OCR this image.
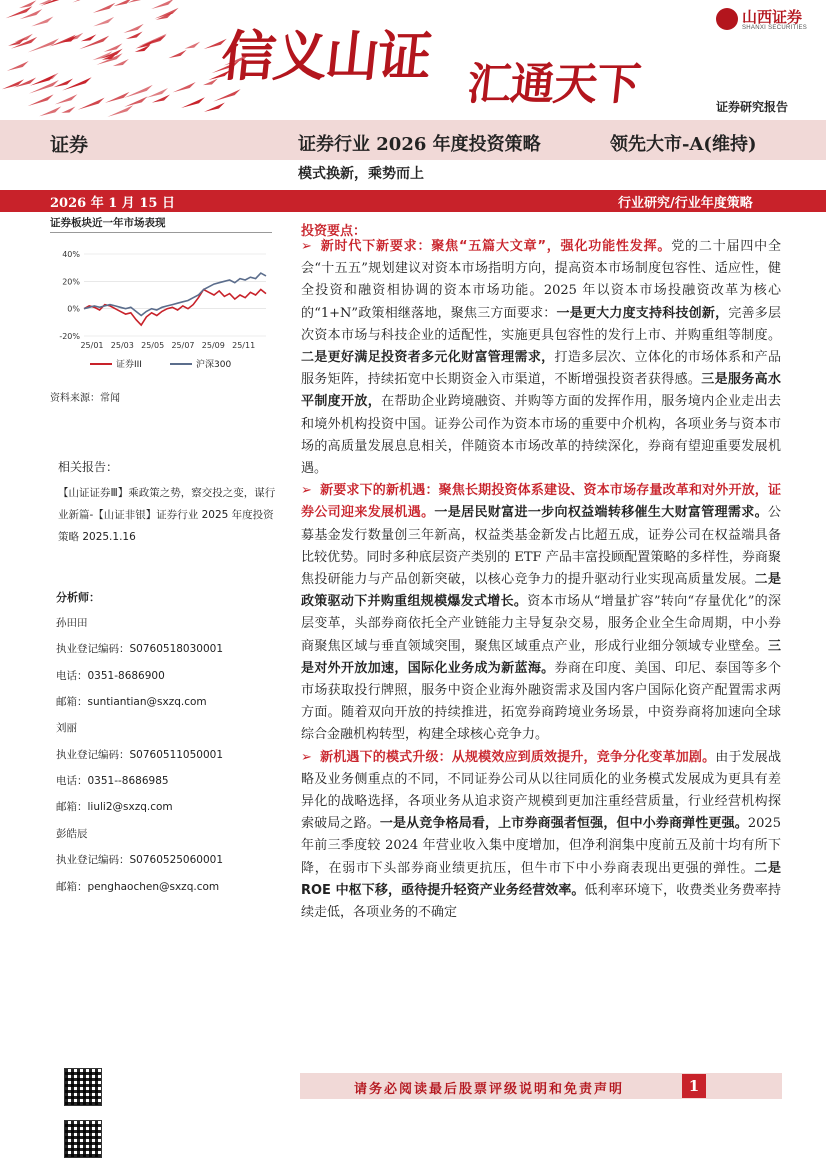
信义山证 汇通天下
山西证券
SHANXI SECURITIES
证券研究报告
证券	证券行业 2026 年度投资策略	领先大市-A(维持)
模式换新，乘势而上
2026 年 1 月 15 日	行业研究/行业年度策略
证券板块近一年市场表现
40%
20%
0%
-20%
25/01 25/03 25/05 25/07 25/09 25/11
证券III	沪深300
资料来源：常闻
相关报告：
【山证证券Ⅲ】乘政策之势，察交投之变，谋行业新篇-【山证非银】证券行业 2025 年度投资策略 2025.1.16
分析师：
孙田田
执业登记编码：S0760518030001
电话：0351-8686900
邮箱：suntiantian@sxzq.com
刘丽
执业登记编码：S0760511050001
电话：0351--8686985
邮箱：liuli2@sxzq.com
彭皓辰
执业登记编码：S0760525060001
邮箱：penghaochen@sxzq.com
投资要点：

➢ 新时代下新要求：聚焦“五篇大文章”，强化功能性发挥。党的二十届四中全会“十五五”规划建议对资本市场指明方向，提高资本市场制度包容性、适应性，健全投资和融资相协调的资本市场功能。2025 年以资本市场投融资改革为核心的“1+N”政策相继落地，聚焦三方面要求：一是更大力度支持科技创新，完善多层次资本市场与科技企业的适配性，实施更具包容性的发行上市、并购重组等制度。二是更好满足投资者多元化财富管理需求，打造多层次、立体化的市场体系和产品服务矩阵，持续拓宽中长期资金入市渠道，不断增强投资者获得感。三是服务高水平制度开放，在帮助企业跨境融资、并购等方面的发挥作用，服务境内企业走出去和境外机构投资中国。证券公司作为资本市场的重要中介机构，各项业务与资本市场的高质量发展息息相关，伴随资本市场改革的持续深化，券商有望迎重要发展机遇。

➢ 新要求下的新机遇：聚焦长期投资体系建设、资本市场存量改革和对外开放，证券公司迎来发展机遇。一是居民财富进一步向权益端转移催生大财富管理需求。公募基金发行数量创三年新高，权益类基金新发占比超五成，证券公司在权益端具备比较优势。同时多种底层资产类别的 ETF 产品丰富投顾配置策略的多样性，券商聚焦投研能力与产品创新突破，以核心竞争力的提升驱动行业实现高质量发展。二是政策驱动下并购重组规模爆发式增长。资本市场从“增量扩容”转向“存量优化”的深层变革，头部券商依托全产业链能力主导复杂交易，服务企业全生命周期，中小券商聚焦区域与垂直领域突围，聚焦区域重点产业，形成行业细分领域专业壁垒。三是对外开放加速，国际化业务成为新蓝海。券商在印度、美国、印尼、泰国等多个市场获取投行牌照，服务中资企业海外融资需求及国内客户国际化资产配置需求两方面。随着双向开放的持续推进，拓宽券商跨境业务场景，中资券商将加速向全球综合金融机构转型，构建全球核心竞争力。

➢ 新机遇下的模式升级：从规模效应到质效提升，竞争分化变革加剧。由于发展战略及业务侧重点的不同，不同证券公司从以往同质化的业务模式发展成为更具有差异化的战略选择，各项业务从追求资产规模到更加注重经营质量，行业经营机构探索破局之路。一是从竞争格局看，上市券商强者恒强，但中小券商弹性更强。2025 年前三季度较 2024 年营业收入集中度增加，但净利润集中度前五及前十均有所下降，在弱市下头部券商业绩更抗压，但牛市下中小券商表现出更强的弹性。二是 ROE 中枢下移，亟待提升轻资产业务经营效率。低利率环境下，收费类业务费率持续走低，各项业务的不确定

请务必阅读最后股票评级说明和免责声明	1
